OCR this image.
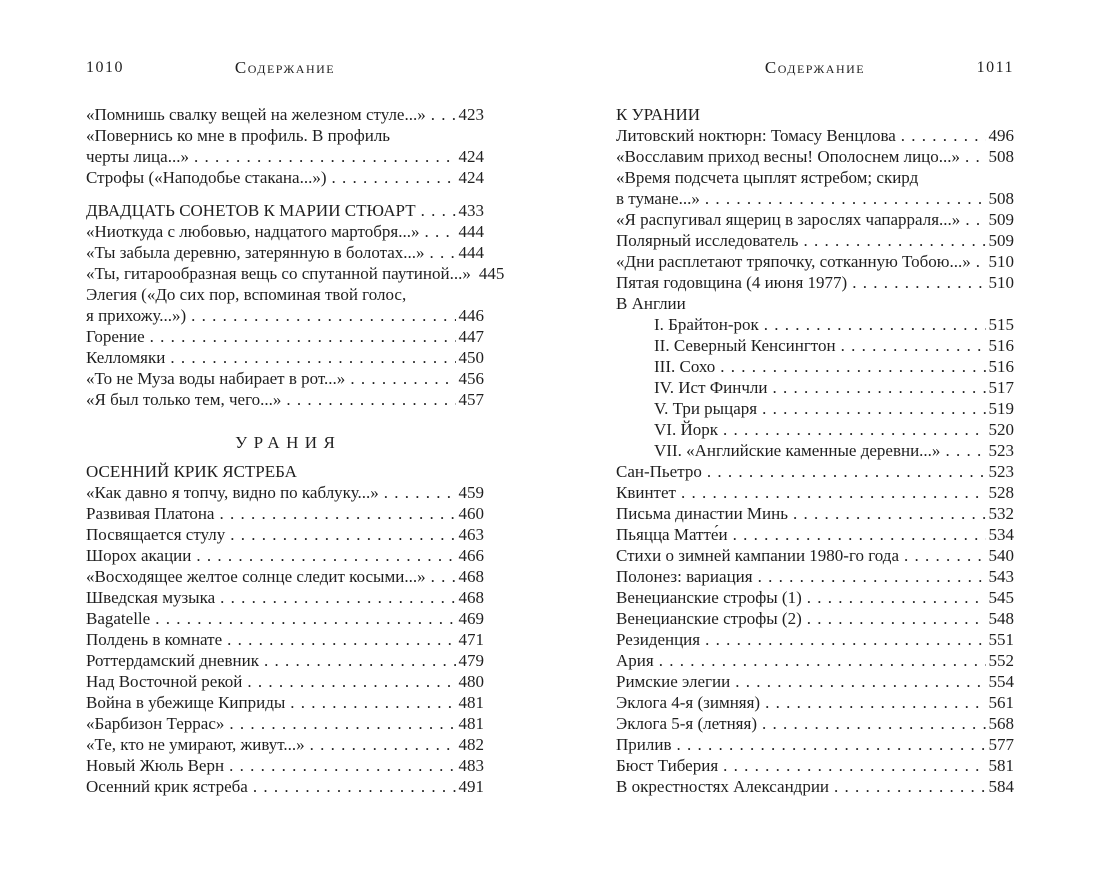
1010	Содержание
«Помнишь свалку вещей на железном стуле...» . . . 423
«Повернись ко мне в профиль. В профиль
черты лица...» . . .	424
Строфы («Наподобье стакана...») . . .	424
ДВАДЦАТЬ СОНЕТОВ К МАРИИ СТЮАРТ . . .	433
«Ниоткуда с любовью, надцатого мартобря...» . . . 444
«Ты забыла деревню, затерянную в болотах...» . . . 444
«Ты, гитарообразная вещь со спутанной паутиной...» 445
Элегия («До сих пор, вспоминая твой голос,
я прихожу...») . . .	446
Горение . . .	447
Келломяки . . .	450
«То не Муза воды набирает в рот...» . . .	456
«Я был только тем, чего...» . . .	457
УРАНИЯ
ОСЕННИЙ КРИК ЯСТРЕБА
«Как давно я топчу, видно по каблуку...» . . .	459
Развивая Платона . . .	460
Посвящается стулу . . .	463
Шорох акации . . .	466
«Восходящее желтое солнце следит косыми...» . . . 468
Шведская музыка . . .	468
Bagatelle . . .	469
Полдень в комнате . . .	471
Роттердамский дневник . . .	479
Над Восточной рекой . . .	480
Война в убежище Киприды . . .	481
«Барбизон Террас» . . .	481
«Те, кто не умирают, живут...» . . .	482
Новый Жюль Верн . . .	483
Осенний крик ястреба . . .	491
Содержание	1011
К УРАНИИ
Литовский ноктюрн: Томасу Венцлова . . .	496
«Восславим приход весны! Ополоснем лицо...» . . . 508
«Время подсчета цыплят ястребом; скирд
в тумане...» . . .	508
«Я распугивал ящериц в зарослях чапарраля...» . . . 509
Полярный исследователь . . .	509
«Дни расплетают тряпочку, сотканную Тобою...» . . . 510
Пятая годовщина (4 июня 1977) . . .	510
В Англии
I. Брайтон-рок . . .	515
II. Северный Кенсингтон . . .	516
III. Сохо . . .	516
IV. Ист Финчли . . .	517
V. Три рыцаря . . .	519
VI. Йорк . . .	520
VII. «Английские каменные деревни...» . . .	523
Сан-Пьетро . . .	523
Квинтет . . .	528
Письма династии Минь . . .	532
Пьяцца Матте́и . . .	534
Стихи о зимней кампании 1980-го года . . .	540
Полонез: вариация . . .	543
Венецианские строфы (1) . . .	545
Венецианские строфы (2) . . .	548
Резиденция . . .	551
Ария . . .	552
Римские элегии . . .	554
Эклога 4-я (зимняя) . . .	561
Эклога 5-я (летняя) . . .	568
Прилив . . .	577
Бюст Тиберия . . .	581
В окрестностях Александрии . . .	584
